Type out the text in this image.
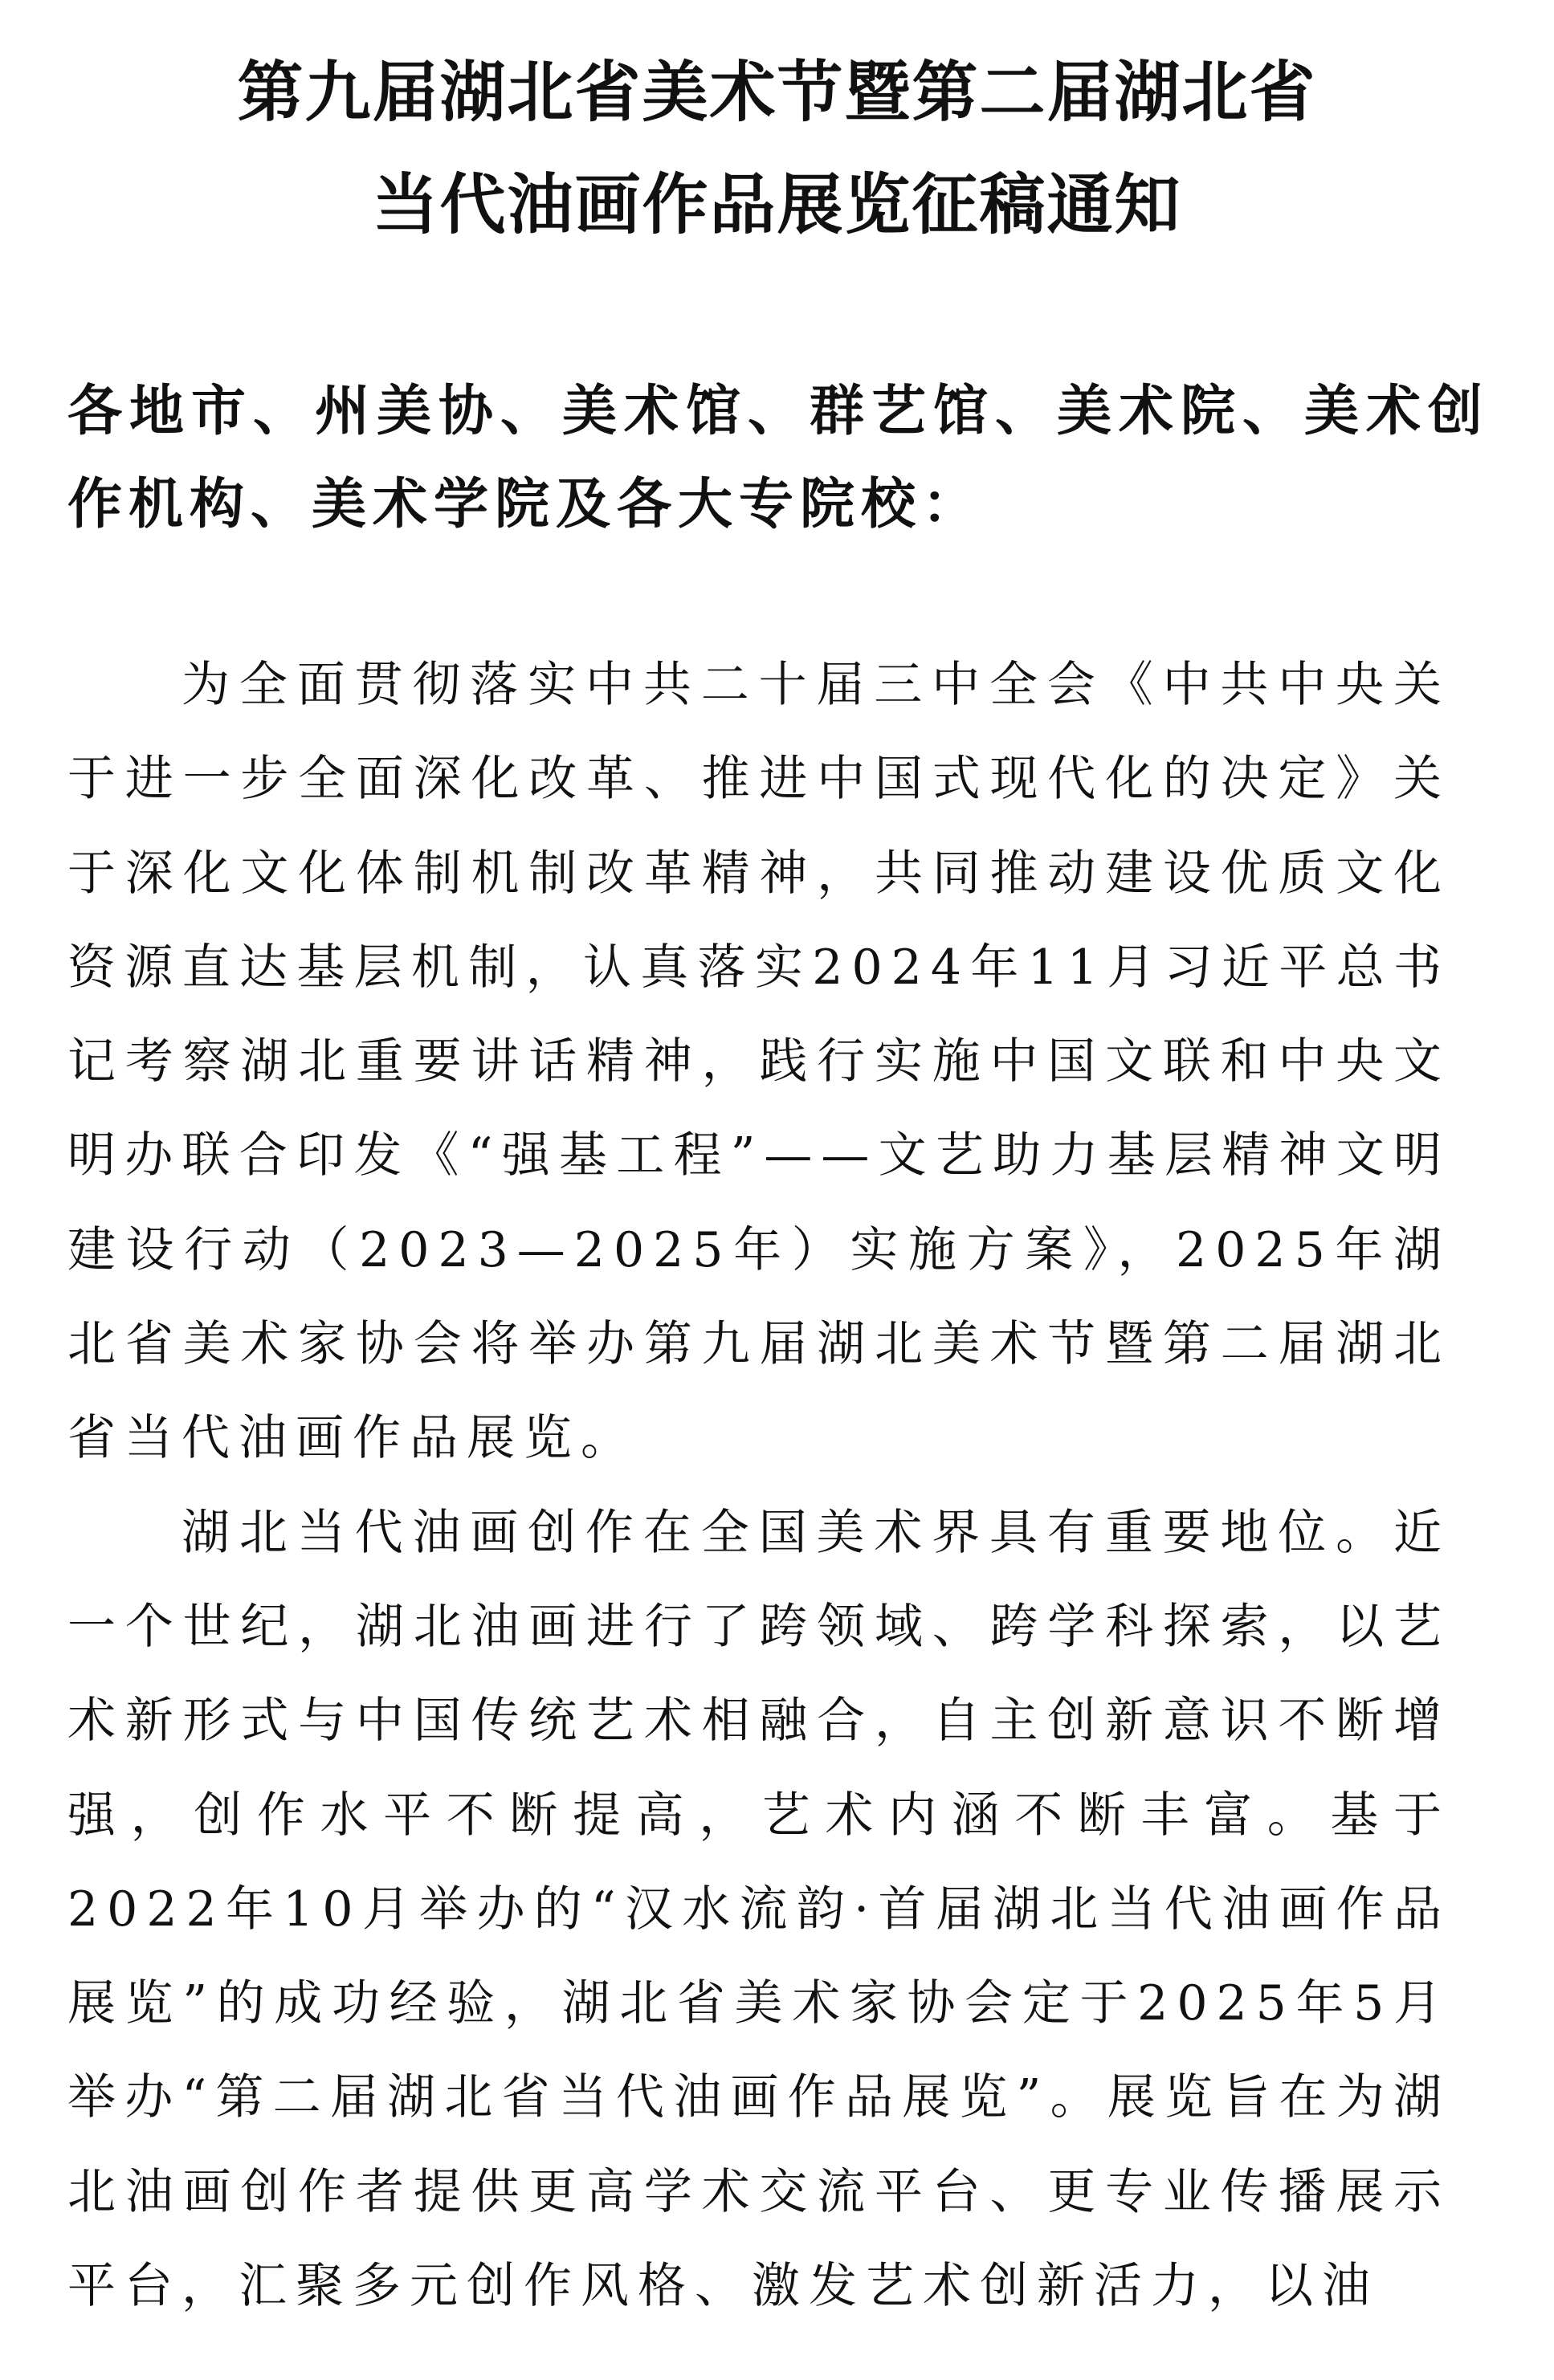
第九届湖北省美术节暨第二届湖北省
当代油画作品展览征稿通知

各地市、州美协、美术馆、群艺馆、美术院、美术创作机构、美术学院及各大专院校：

为全面贯彻落实中共二十届三中全会《中共中央关于进一步全面深化改革、推进中国式现代化的决定》关于深化文化体制机制改革精神，共同推动建设优质文化资源直达基层机制，认真落实2024年11月习近平总书记考察湖北重要讲话精神，践行实施中国文联和中央文明办联合印发《“强基工程”——文艺助力基层精神文明建设行动（2023—2025年）实施方案》，2025年湖北省美术家协会将举办第九届湖北美术节暨第二届湖北省当代油画作品展览。

湖北当代油画创作在全国美术界具有重要地位。近一个世纪，湖北油画进行了跨领域、跨学科探索，以艺术新形式与中国传统艺术相融合，自主创新意识不断增强，创作水平不断提高，艺术内涵不断丰富。基于2022年10月举办的“汉水流韵·首届湖北当代油画作品展览”的成功经验，湖北省美术家协会定于2025年5月举办“第二届湖北省当代油画作品展览”。展览旨在为湖北油画创作者提供更高学术交流平台、更专业传播展示平台，汇聚多元创作风格、激发艺术创新活力，以油
